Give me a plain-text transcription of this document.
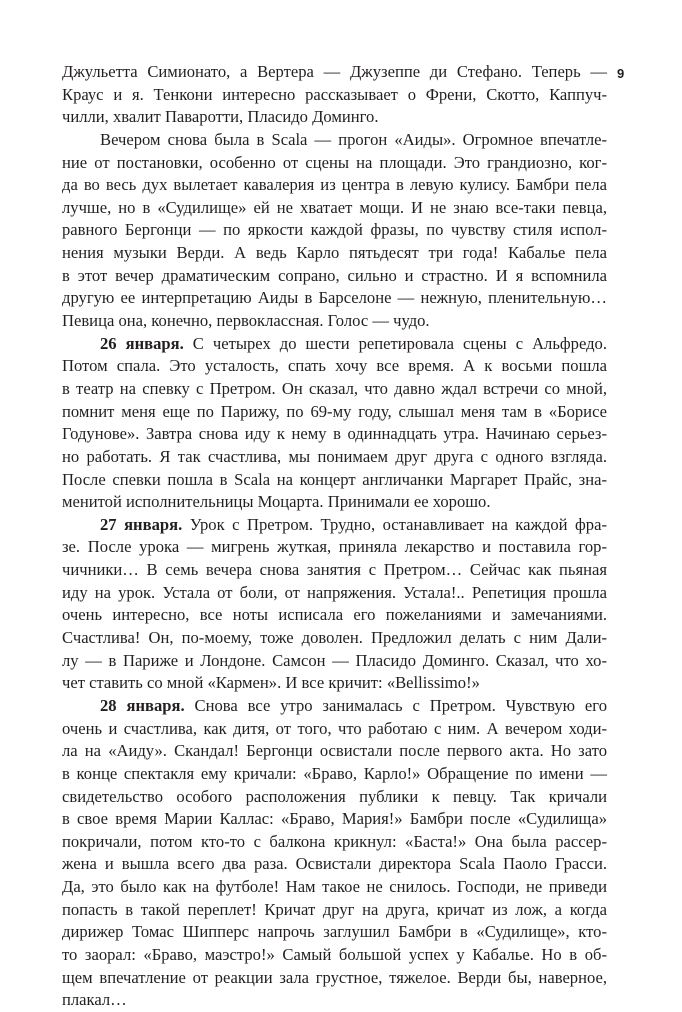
9
Джульетта Симионато, а Вертера — Джузеппе ди Стефано. Теперь —
Краус и я. Тенкони интересно рассказывает о Френи, Скотто, Каппуч-
чилли, хвалит Паваротти, Пласидо Доминго.
Вечером снова была в Scala — прогон «Аиды». Огромное впечатле-
ние от постановки, особенно от сцены на площади. Это грандиозно, ког-
да во весь дух вылетает кавалерия из центра в левую кулису. Бамбри пела
лучше, но в «Судилище» ей не хватает мощи. И не знаю все-таки певца,
равного Бергонци — по яркости каждой фразы, по чувству стиля испол-
нения музыки Верди. А ведь Карло пятьдесят три года! Кабалье пела
в этот вечер драматическим сопрано, сильно и страстно. И я вспомнила
другую ее интерпретацию Аиды в Барселоне — нежную, пленительную…
Певица она, конечно, первоклассная. Голос — чудо.
26 января. С четырех до шести репетировала сцены с Альфредо.
Потом спала. Это усталость, спать хочу все время. А к восьми пошла
в театр на спевку с Претром. Он сказал, что давно ждал встречи со мной,
помнит меня еще по Парижу, по 69-му году, слышал меня там в «Борисе
Годунове». Завтра снова иду к нему в одиннадцать утра. Начинаю серьез-
но работать. Я так счастлива, мы понимаем друг друга с одного взгляда.
После спевки пошла в Scala на концерт англичанки Маргарет Прайс, зна-
менитой исполнительницы Моцарта. Принимали ее хорошо.
27 января. Урок с Претром. Трудно, останавливает на каждой фра-
зе. После урока — мигрень жуткая, приняла лекарство и поставила гор-
чичники… В семь вечера снова занятия с Претром… Сейчас как пьяная
иду на урок. Устала от боли, от напряжения. Устала!.. Репетиция прошла
очень интересно, все ноты исписала его пожеланиями и замечаниями.
Счастлива! Он, по-моему, тоже доволен. Предложил делать с ним Дали-
лу — в Париже и Лондоне. Самсон — Пласидо Доминго. Сказал, что хо-
чет ставить со мной «Кармен». И все кричит: «Bellissimo!»
28 января. Снова все утро занималась с Претром. Чувствую его
очень и счастлива, как дитя, от того, что работаю с ним. А вечером ходи-
ла на «Аиду». Скандал! Бергонци освистали после первого акта. Но зато
в конце спектакля ему кричали: «Браво, Карло!» Обращение по имени —
свидетельство особого расположения публики к певцу. Так кричали
в свое время Марии Каллас: «Браво, Мария!» Бамбри после «Судилища»
покричали, потом кто-то с балкона крикнул: «Баста!» Она была рассер-
жена и вышла всего два раза. Освистали директора Scala Паоло Грасси.
Да, это было как на футболе! Нам такое не снилось. Господи, не приведи
попасть в такой переплет! Кричат друг на друга, кричат из лож, а когда
дирижер Томас Шипперс напрочь заглушил Бамбри в «Судилище», кто-
то заорал: «Браво, маэстро!» Самый большой успех у Кабалье. Но в об-
щем впечатление от реакции зала грустное, тяжелое. Верди бы, наверное,
плакал…
